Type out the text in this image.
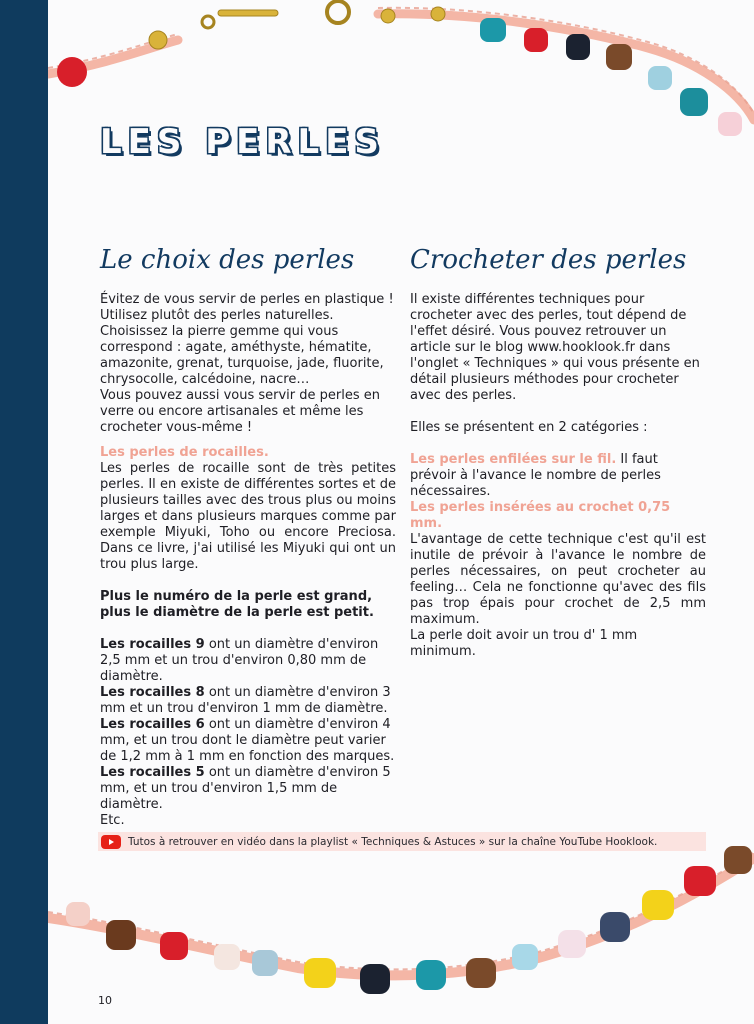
LES PERLES
Le choix des perles

Évitez de vous servir de perles en plastique ! Utilisez plutôt des perles naturelles. Choisissez la pierre gemme qui vous correspond : agate, améthyste, hématite, amazonite, grenat, turquoise, jade, fluorite, chrysocolle, calcédoine, nacre…

Vous pouvez aussi vous servir de perles en verre ou encore artisanales et même les crocheter vous-même !

Les perles de rocailles.

Les perles de rocaille sont de très petites perles. Il en existe de différentes sortes et de plusieurs tailles avec des trous plus ou moins larges et dans plusieurs marques comme par exemple Miyuki, Toho ou encore Preciosa. Dans ce livre, j'ai utilisé les Miyuki qui ont un trou plus large.

Plus le numéro de la perle est grand, plus le diamètre de la perle est petit.

Les rocailles 9 ont un diamètre d'environ 2,5 mm et un trou d'environ 0,80 mm de diamètre.

Les rocailles 8 ont un diamètre d'environ 3 mm et un trou d'environ 1 mm de diamètre.

Les rocailles 6 ont un diamètre d'environ 4 mm, et un trou dont le diamètre peut varier de 1,2 mm à 1 mm en fonction des marques.

Les rocailles 5 ont un diamètre d'environ 5 mm, et un trou d'environ 1,5 mm de diamètre.

Etc.

Crocheter des perles

Il existe différentes techniques pour crocheter avec des perles, tout dépend de l'effet désiré. Vous pouvez retrouver un article sur le blog www.hooklook.fr dans l'onglet « Techniques » qui vous présente en détail plusieurs méthodes pour crocheter avec des perles.

Elles se présentent en 2 catégories :

Les perles enfilées sur le fil. Il faut prévoir à l'avance le nombre de perles nécessaires.

Les perles insérées au crochet 0,75 mm.

L'avantage de cette technique c'est qu'il est inutile de prévoir à l'avance le nombre de perles nécessaires, on peut crocheter au feeling… Cela ne fonctionne qu'avec des fils pas trop épais pour crochet de 2,5 mm maximum.

La perle doit avoir un trou d' 1 mm minimum.

Tutos à retrouver en vidéo dans la playlist « Techniques & Astuces » sur la chaîne YouTube Hooklook.
10
